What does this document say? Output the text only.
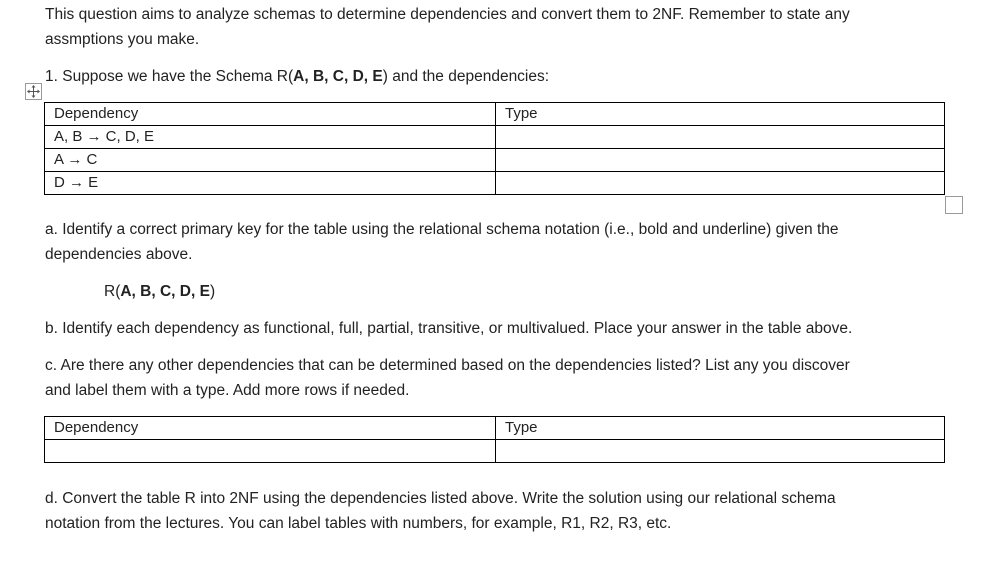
This question aims to analyze schemas to determine dependencies and convert them to 2NF. Remember to state any
assmptions you make.

1. Suppose we have the Schema R(A, B, C, D, E) and the dependencies:

Dependency	Type
A, B → C, D, E	
A → C	
D → E	

a. Identify a correct primary key for the table using the relational schema notation (i.e., bold and underline) given the
dependencies above.

R(A, B, C, D, E)

b. Identify each dependency as functional, full, partial, transitive, or multivalued. Place your answer in the table above.

c. Are there any other dependencies that can be determined based on the dependencies listed? List any you discover
and label them with a type. Add more rows if needed.

Dependency	Type

d. Convert the table R into 2NF using the dependencies listed above. Write the solution using our relational schema
notation from the lectures. You can label tables with numbers, for example, R1, R2, R3, etc.
